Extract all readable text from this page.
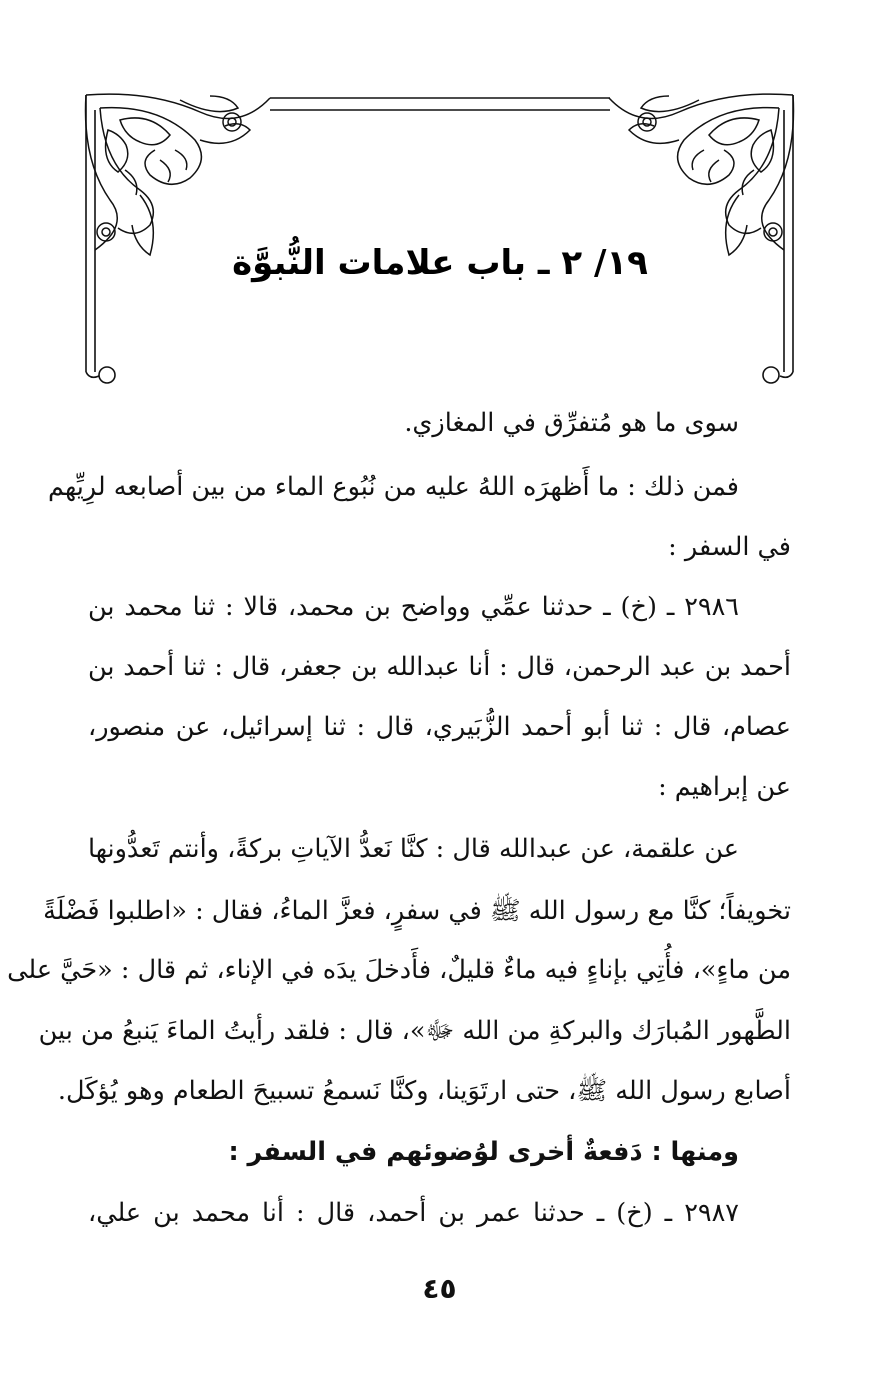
١٩/ ٢ ـ باب علامات النُّبوَّة
سوى ما هو مُتفرِّق في المغازي.
فمن ذلك : ما أَظهرَه اللهُ عليه من نُبُوع الماء من بين أصابعه لرِيِّهم
في السفر :
٢٩٨٦ ـ (خ) ـ حدثنا عمِّي وواضح بن محمد، قالا : ثنا محمد بن
أحمد بن عبد الرحمن، قال : أنا عبدالله بن جعفر، قال : ثنا أحمد بن
عصام، قال : ثنا أبو أحمد الزُّبَيري، قال : ثنا إسرائيل، عن منصور،
عن إبراهيم :
عن علقمة، عن عبدالله قال : كنَّا نَعدُّ الآياتِ بركةً، وأنتم تَعدُّونها
تخويفاً؛ كنَّا مع رسول الله ﷺ في سفرٍ، فعزَّ الماءُ، فقال : «اطلبوا فَضْلَةً
من ماءٍ»، فأُتِي بإناءٍ فيه ماءٌ قليلٌ، فأَدخلَ يدَه في الإناء، ثم قال : «حَيَّ على
الطَّهور المُبارَك والبركةِ من الله ﷻ»، قال : فلقد رأيتُ الماءَ يَنبعُ من بين
أصابع رسول الله ﷺ، حتى ارتَوَينا، وكنَّا نَسمعُ تسبيحَ الطعام وهو يُؤكَل.
ومنها : دَفعةٌ أخرى لوُضوئهم في السفر :
٢٩٨٧ ـ (خ) ـ حدثنا عمر بن أحمد، قال : أنا محمد بن علي،
٤٥
